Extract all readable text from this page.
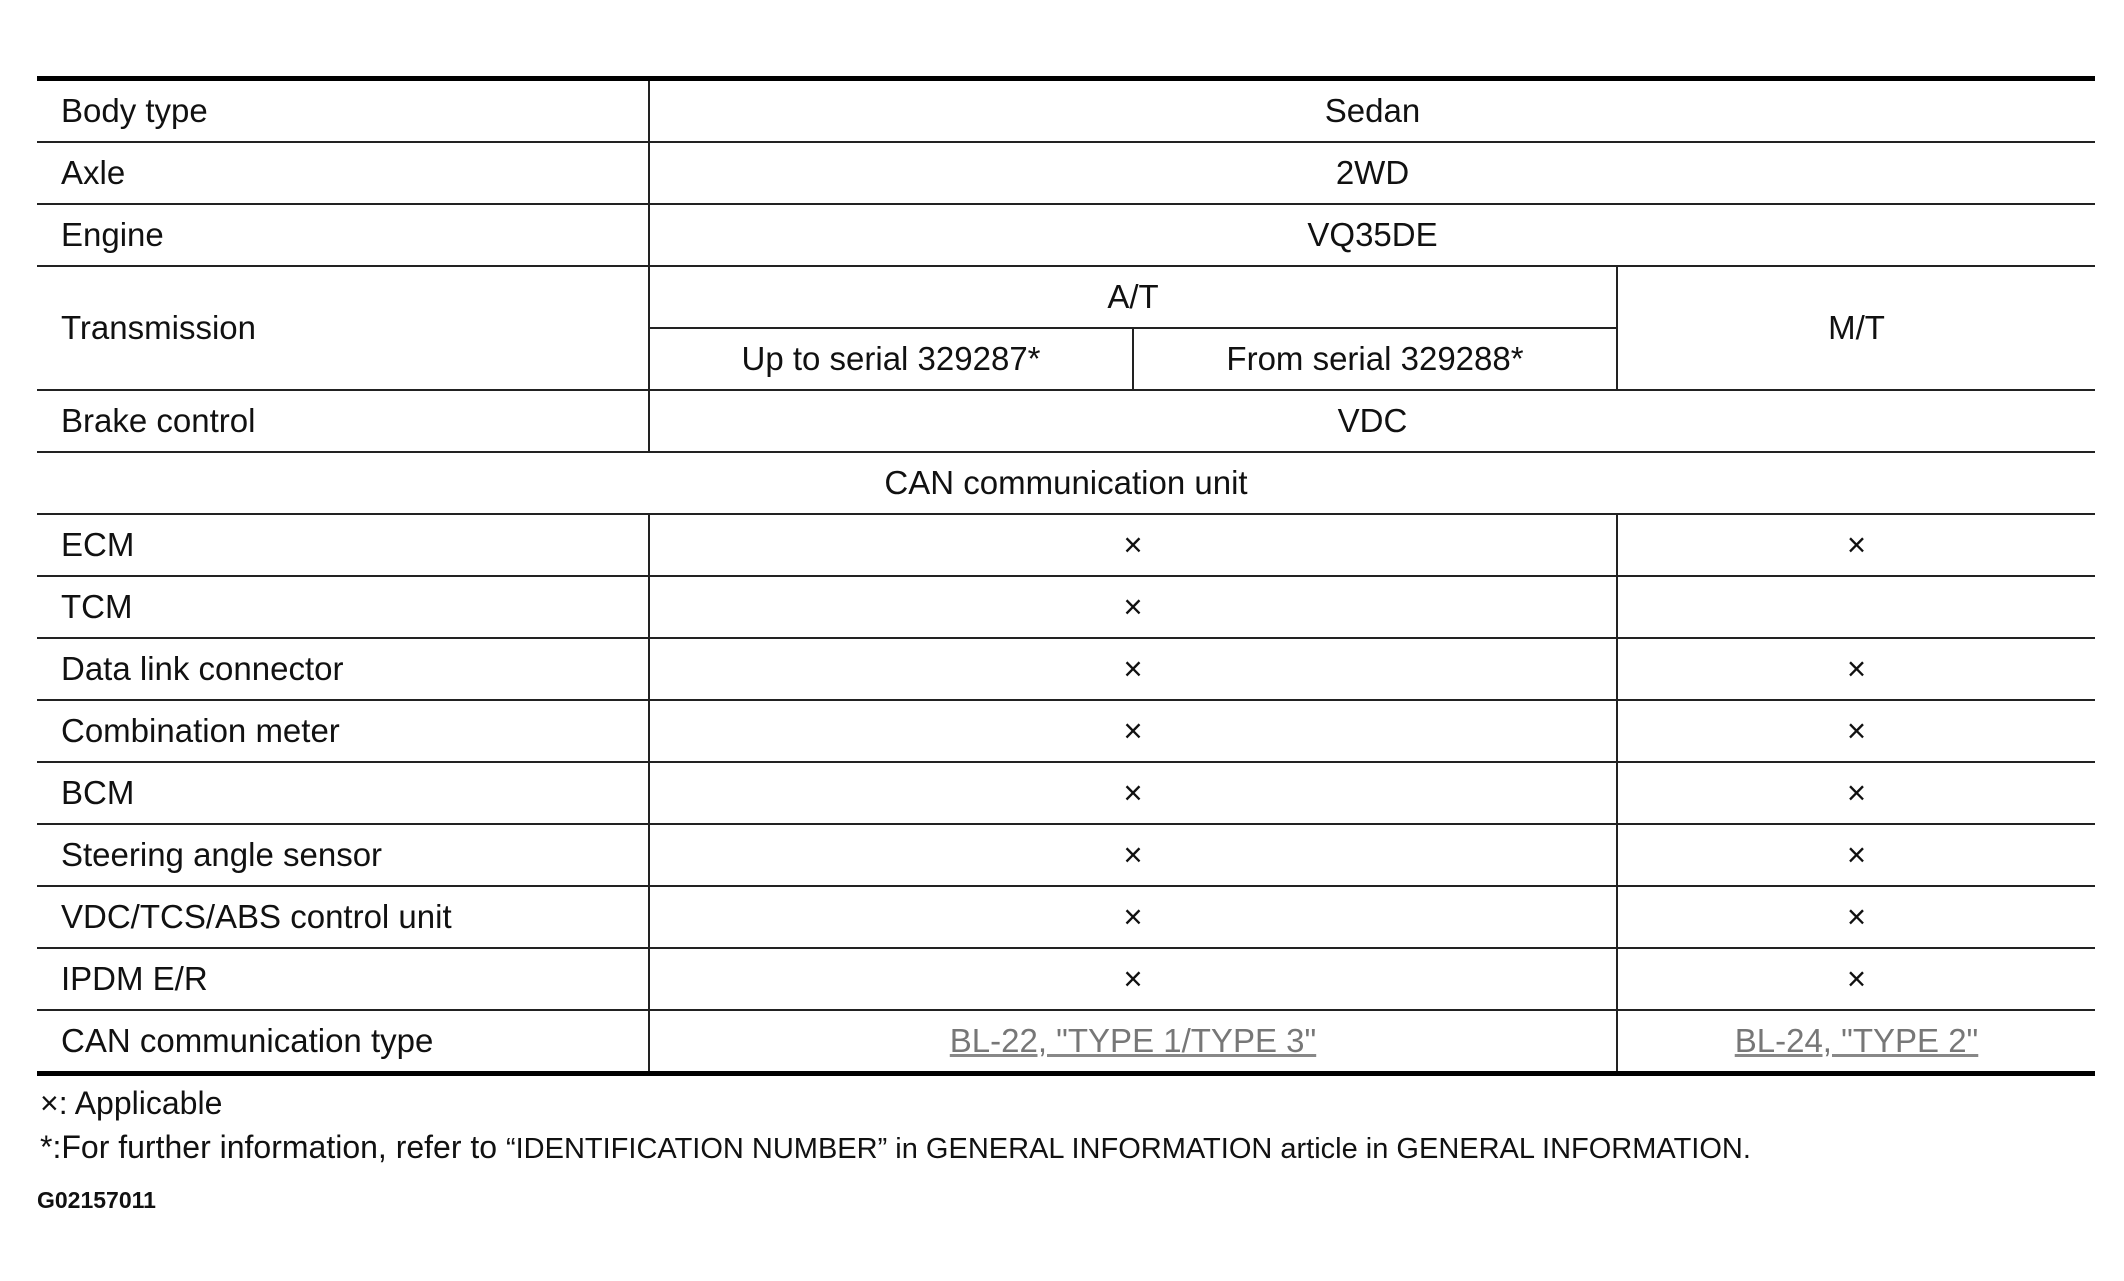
Body type	Sedan		
Axle	2WD		
Engine	VQ35DE		
Transmission	A/T		M/T
	Up to serial 329287*	From serial 329288*	
Brake control	VDC		
CAN communication unit			
ECM	×		×
TCM	×		
Data link connector	×		×
Combination meter	×		×
BCM	×		×
Steering angle sensor	×		×
VDC/TCS/ABS control unit	×		×
IPDM E/R	×		×
CAN communication type	BL-22, "TYPE 1/TYPE 3"		BL-24, "TYPE 2"
×: Applicable
*:For further information, refer to “IDENTIFICATION NUMBER” in GENERAL INFORMATION article in GENERAL INFORMATION.
G02157011
